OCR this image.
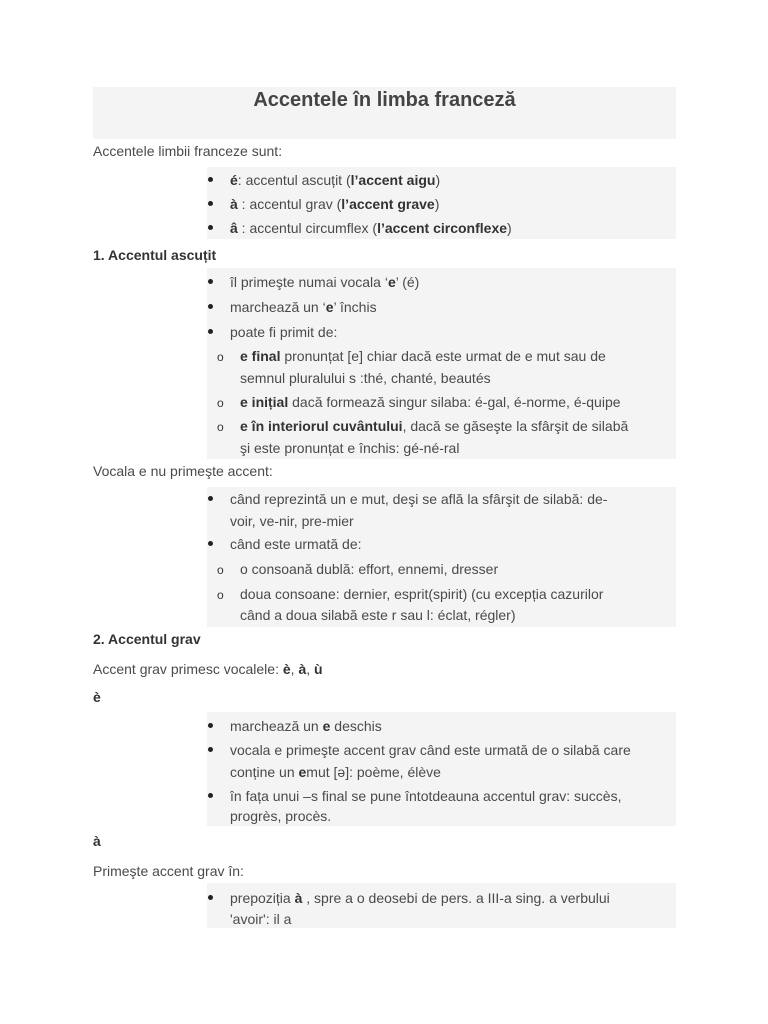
Accentele în limba franceză
Accentele limbii franceze sunt:
é: accentul ascuțit (l’accent aigu)
à : accentul grav (l’accent grave)
â : accentul circumflex (l’accent circonflexe)
1. Accentul ascuțit
îl primeşte numai vocala ‘e’ (é)
marchează un ‘e’ închis
poate fi primit de:
o e final pronunțat [e] chiar dacă este urmat de e mut sau de
semnul pluralului s :thé, chanté, beautés
o e inițial dacă formează singur silaba: é-gal, é-norme, é-quipe
o e în interiorul cuvântului, dacă se găseşte la sfârşit de silabă
şi este pronunțat e închis: gé-né-ral
Vocala e nu primeşte accent:
când reprezintă un e mut, deşi se află la sfârşit de silabă: de-
voir, ve-nir, pre-mier
când este urmată de:
o o consoană dublă: effort, ennemi, dresser
o doua consoane: dernier, esprit(spirit) (cu excepția cazurilor
când a doua silabă este r sau l: éclat, régler)
2. Accentul grav
Accent grav primesc vocalele: è, à, ù
è
marchează un e deschis
vocala e primeşte accent grav când este urmată de o silabă care
conține un emut [ə]: poème, élève
în fața unui –s final se pune întotdeauna accentul grav: succès,
progrès, procès.
à
Primeşte accent grav în:
prepoziția à , spre a o deosebi de pers. a III-a sing. a verbului
'avoir': il a
